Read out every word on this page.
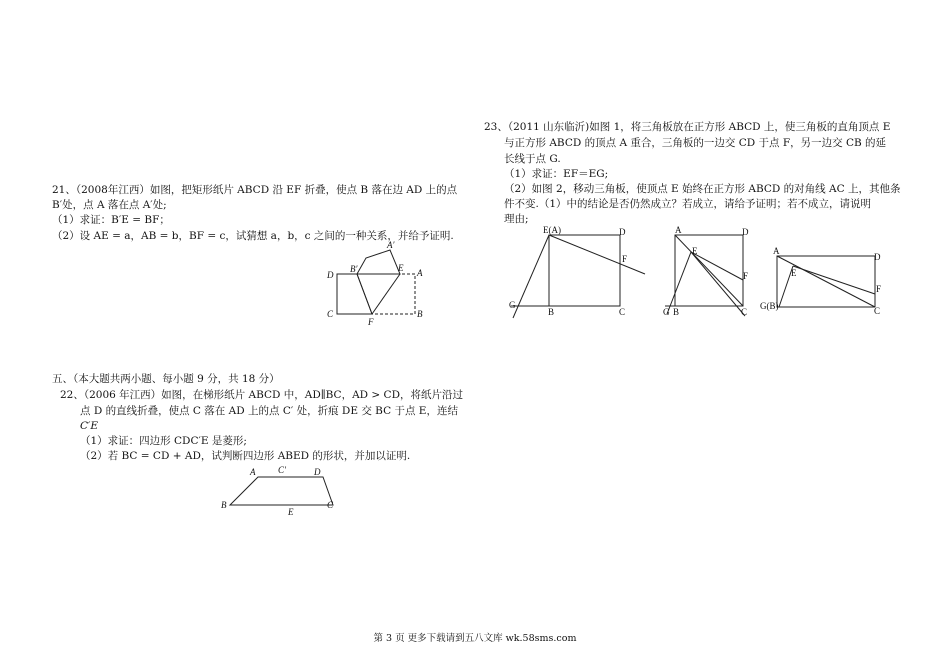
21、（2008年江西）如图，把矩形纸片 ABCD 沿 EF 折叠，使点 B 落在边 AD 上的点
B′处，点 A 落在点 A′处;
（1）求证：B′E = BF；
（2）设 AE = a，AB = b，BF = c，试猜想 a，b，c 之间的一种关系，并给予证明.
A′
B′
D
E A
C
F
B
五、（本大题共两小题、每小题 9 分，共 18 分）
22、（2006 年江西）如图，在梯形纸片 ABCD 中，AD∥BC，AD > CD，将纸片沿过
点 D 的直线折叠，使点 C 落在 AD 上的点 C′ 处，折痕 DE 交 BC 于点 E，连结
C′E
（1）求证：四边形 CDC′E 是菱形;
（2）若 BC = CD + AD，试判断四边形 ABED 的形状，并加以证明.
A	C′	D
B
E
C
23、（2011 山东临沂)如图 1，将三角板放在正方形 ABCD 上，使三角板的直角顶点 E
与正方形 ABCD 的顶点 A 重合，三角板的一边交 CD 于点 F，另一边交 CB 的延
长线于点 G.
（1）求证：EF＝EG;
（2）如图 2，移动三角板，使顶点 E 始终在正方形 ABCD 的对角线 AC 上，其他条
件不变.（1）中的结论是否仍然成立？若成立，请给予证明；若不成立，请说明
理由;
E(A)	D
F
G
B	C
A	D
E
F
G B	C
A
D
E
F
G(B)	C
第 3 页 更多下载请到五八文库 wk.58sms.com
